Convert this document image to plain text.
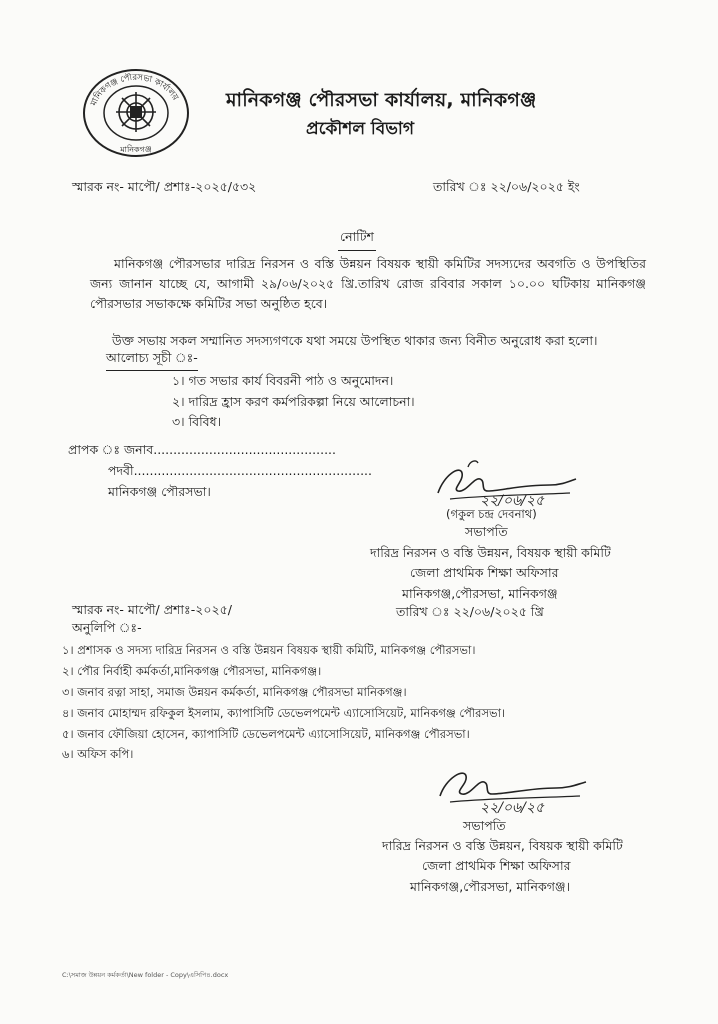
মানিকগঞ্জ পৌরসভা কার্যালয়
মানিকগঞ্জ
মানিকগঞ্জ পৌরসভা কার্যালয়, মানিকগঞ্জ
প্রকৌশল বিভাগ
স্মারক নং- মাপৌ/ প্রশাঃ-২০২৫/৫৩২	তারিখ ঃ ২২/০৬/২০২৫ ইং
নোটিশ
মানিকগঞ্জ পৌরসভার দারিদ্র নিরসন ও বস্তি উন্নয়ন বিষয়ক স্থায়ী কমিটির সদস্যদের অবগতি ও উপস্থিতির জন্য জানান যাচ্ছে যে, আগামী ২৯/০৬/২০২৫ খ্রি.তারিখ রোজ রবিবার সকাল ১০.০০ ঘটিকায় মানিকগঞ্জ পৌরসভার সভাকক্ষে কমিটির সভা অনুষ্ঠিত হবে।
উক্ত সভায় সকল সম্মানিত সদস্যগণকে যথা সময়ে উপস্থিত থাকার জন্য বিনীত অনুরোধ করা হলো।
আলোচ্য সূচী ঃ-
১। গত সভার কার্য বিবরনী পাঠ ও অনুমোদন।
২। দারিদ্র হ্রাস করণ কর্মপরিকল্পা নিয়ে আলোচনা।
৩। বিবিধ।
প্রাপক ঃ জনাব..............................................
পদবী............................................................
মানিকগঞ্জ পৌরসভা।
২২/০৬/২৫
(গকুল চন্দ্র দেবনাথ)
সভাপতি
দারিদ্র নিরসন ও বস্তি উন্নয়ন, বিষয়ক স্থায়ী কমিটি
জেলা প্রাথমিক শিক্ষা অফিসার
মানিকগঞ্জ,পৌরসভা, মানিকগঞ্জ
তারিখ ঃ ২২/০৬/২০২৫ খ্রি
স্মারক নং- মাপৌ/ প্রশাঃ-২০২৫/
অনুলিপি ঃ-
১। প্রশাসক ও সদস্য দারিদ্র নিরসন ও বস্তি উন্নয়ন বিষয়ক স্থায়ী কমিটি, মানিকগঞ্জ পৌরসভা।
২। পৌর নির্বাহী কর্মকর্তা,মানিকগঞ্জ পৌরসভা, মানিকগঞ্জ।
৩। জনাব রত্না সাহা, সমাজ উন্নয়ন কর্মকর্তা, মানিকগঞ্জ পৌরসভা মানিকগঞ্জ।
৪। জনাব মোহাম্মদ রফিকুল ইসলাম, ক্যাপাসিটি ডেভেলপমেন্ট এ্যাসোসিয়েট, মানিকগঞ্জ পৌরসভা।
৫। জনাব ফৌজিয়া হোসেন, ক্যাপাসিটি ডেভেলপমেন্ট এ্যাসোসিয়েট, মানিকগঞ্জ পৌরসভা।
৬। অফিস কপি।
২২/০৬/২৫
সভাপতি
দারিদ্র নিরসন ও বস্তি উন্নয়ন, বিষয়ক স্থায়ী কমিটি
জেলা প্রাথমিক শিক্ষা অফিসার
মানিকগঞ্জ,পৌরসভা, মানিকগঞ্জ।
C:\সমাজ উন্নয়ন কর্মকর্তা\New folder - Copy\এসিপি৪.docx
